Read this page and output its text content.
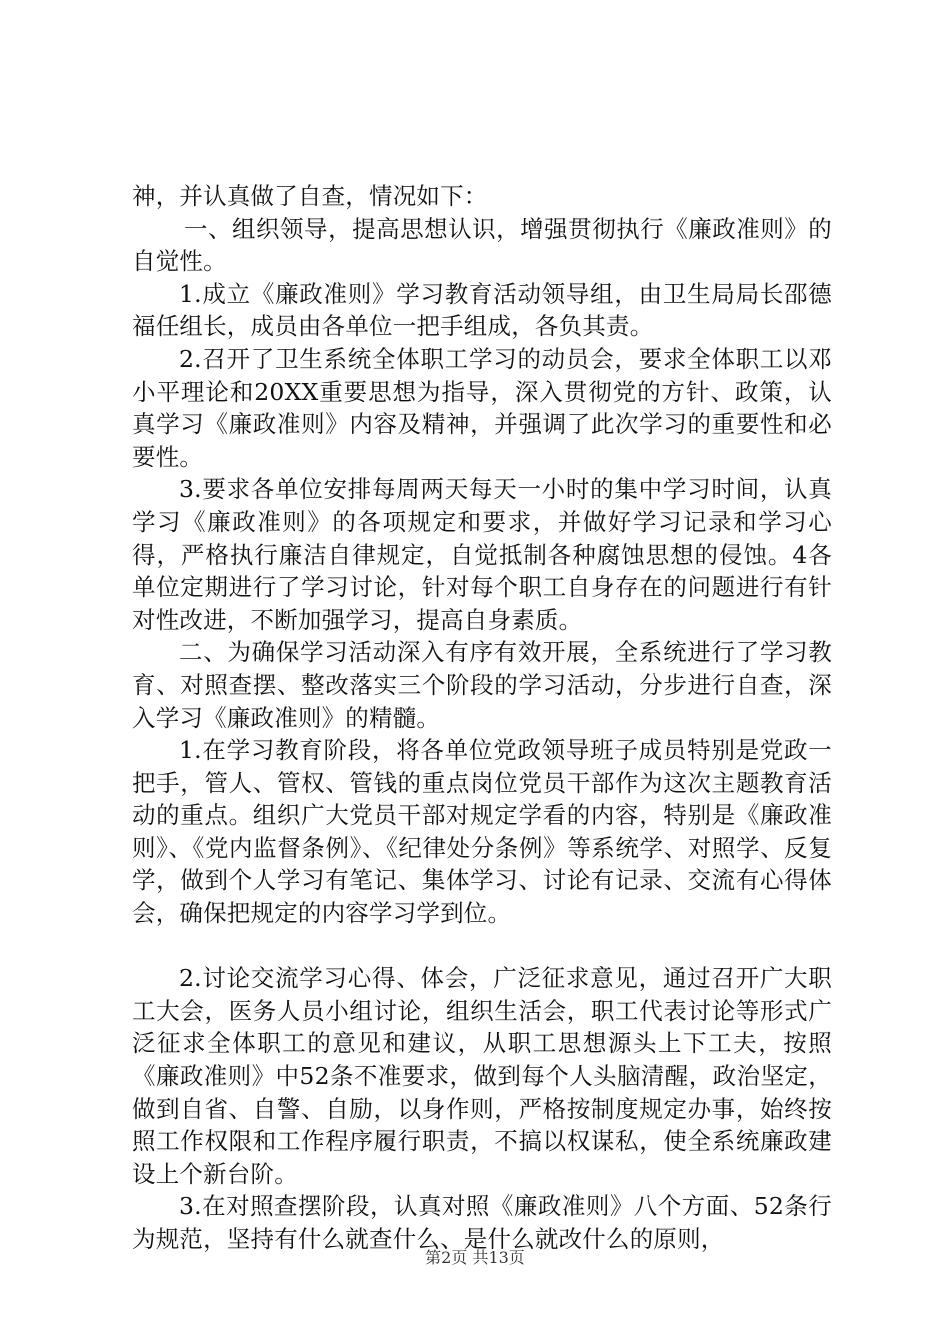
神，并认真做了自查，情况如下：

一、组织领导，提高思想认识，增强贯彻执行《廉政准则》的自觉性。

1.成立《廉政准则》学习教育活动领导组，由卫生局局长邵德福任组长，成员由各单位一把手组成，各负其责。

2.召开了卫生系统全体职工学习的动员会，要求全体职工以邓小平理论和20XX重要思想为指导，深入贯彻党的方针、政策，认真学习《廉政准则》内容及精神，并强调了此次学习的重要性和必要性。

3.要求各单位安排每周两天每天一小时的集中学习时间，认真学习《廉政准则》的各项规定和要求，并做好学习记录和学习心得，严格执行廉洁自律规定，自觉抵制各种腐蚀思想的侵蚀。4各单位定期进行了学习讨论，针对每个职工自身存在的问题进行有针对性改进，不断加强学习，提高自身素质。

二、为确保学习活动深入有序有效开展，全系统进行了学习教育、对照查摆、整改落实三个阶段的学习活动，分步进行自查，深入学习《廉政准则》的精髓。

1.在学习教育阶段，将各单位党政领导班子成员特别是党政一把手，管人、管权、管钱的重点岗位党员干部作为这次主题教育活动的重点。组织广大党员干部对规定学看的内容，特别是《廉政准则》、《党内监督条例》、《纪律处分条例》等系统学、对照学、反复学，做到个人学习有笔记、集体学习、讨论有记录、交流有心得体会，确保把规定的内容学习学到位。

2.讨论交流学习心得、体会，广泛征求意见，通过召开广大职工大会，医务人员小组讨论，组织生活会，职工代表讨论等形式广泛征求全体职工的意见和建议，从职工思想源头上下工夫，按照《廉政准则》中52条不准要求，做到每个人头脑清醒，政治坚定，做到自省、自警、自励，以身作则，严格按制度规定办事，始终按照工作权限和工作程序履行职责，不搞以权谋私，使全系统廉政建设上个新台阶。

3.在对照查摆阶段，认真对照《廉政准则》八个方面、52条行为规范，坚持有什么就查什么、是什么就改什么的原则，

第2页 共13页
